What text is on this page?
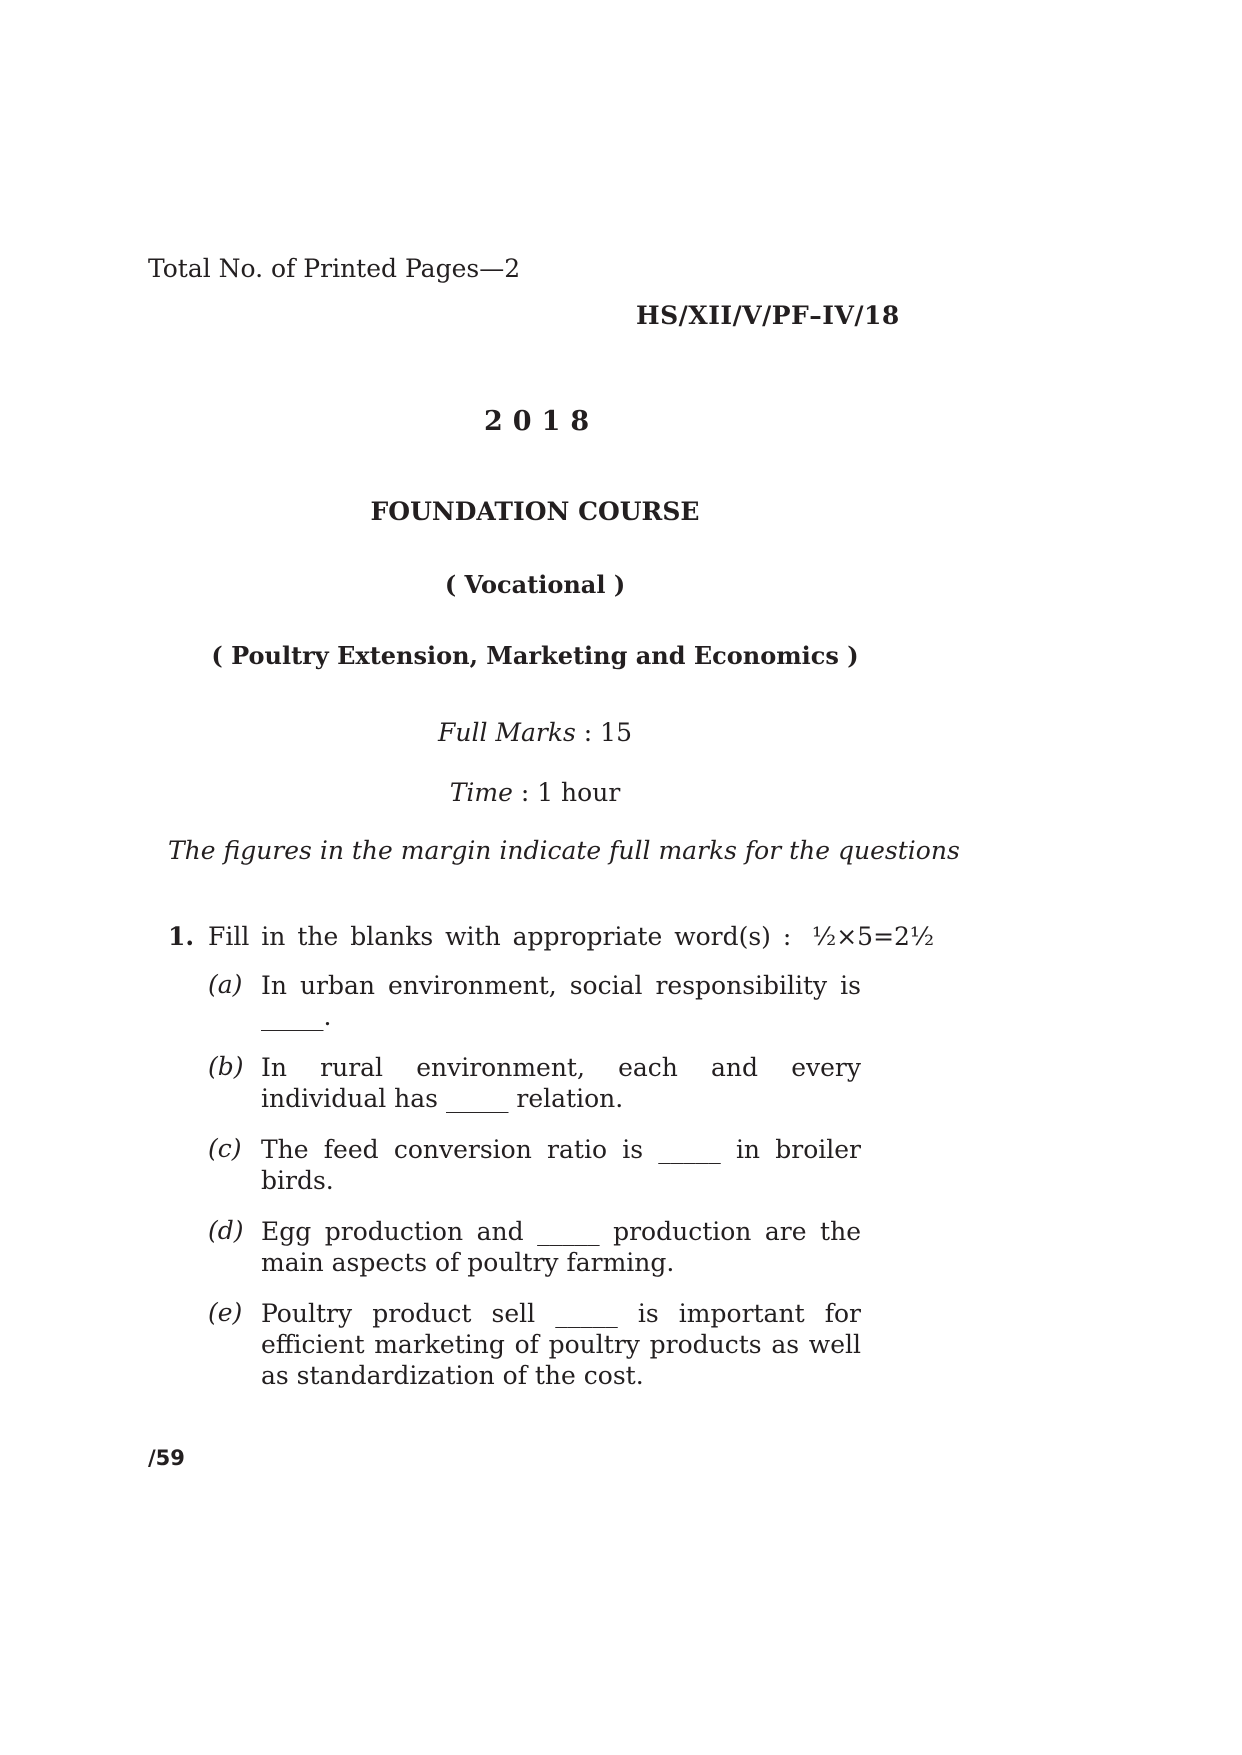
Total No. of Printed Pages—2
HS/XII/V/PF–IV/18
2018
FOUNDATION COURSE
( Vocational )
( Poultry Extension, Marketing and Economics )
Full Marks : 15
Time : 1 hour
The figures in the margin indicate full marks for the questions
1. Fill in the blanks with appropriate word(s) : ½×5=2½
(a) In urban environment, social responsibility is _____.
(b) In rural environment, each and every individual has _____ relation.
(c) The feed conversion ratio is _____ in broiler birds.
(d) Egg production and _____ production are the main aspects of poultry farming.
(e) Poultry product sell _____ is important for efficient marketing of poultry products as well as standardization of the cost.
/59
